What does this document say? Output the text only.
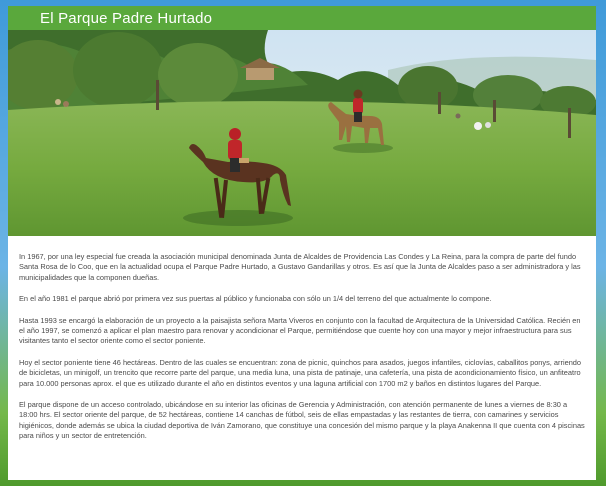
El Parque Padre Hurtado

In 1967, por una ley especial fue creada la asociación municipal denominada Junta de Alcaldes de Providencia Las Condes y La Reina, para la compra de parte del fundo Santa Rosa de lo Coo, que en la actualidad ocupa el Parque Padre Hurtado, a Gustavo Gandarillas y otros. Es así que la Junta de Alcaldes paso a ser administradora y las municipalidades que la componen dueñas.

En el año 1981 el parque abrió por primera vez sus puertas al público y funcionaba con sólo un 1/4 del terreno del que actualmente lo compone.

Hasta 1993 se encargó la elaboración de un proyecto a la paisajista señora Marta Viveros en conjunto con la facultad de Arquitectura de la Universidad Católica. Recién en el año 1997, se comenzó a aplicar el plan maestro para renovar y acondicionar el Parque, permitiéndose que cuente hoy con una mayor y mejor infraestructura para sus visitantes tanto el sector oriente como el sector poniente.

Hoy el sector poniente tiene 46 hectáreas. Dentro de las cuales se encuentran: zona de picnic, quinchos para asados, juegos infantiles, ciclovías, caballitos ponys, arriendo de bicicletas, un minigolf, un trencito que recorre parte del parque, una media luna, una pista de patinaje, una cafetería, una pista de acondicionamiento físico, un anfiteatro para 10.000 personas aprox. el que es utilizado durante el año en distintos eventos y una laguna artificial con 1700 m2 y baños en distintos lugares del Parque.

El parque dispone de un acceso controlado, ubicándose en su interior las oficinas de Gerencia y Administración, con atención permanente de lunes a viernes de 8:30 a 18:00 hrs. El sector oriente del parque, de 52 hectáreas, contiene 14 canchas de fútbol, seis de ellas empastadas y las restantes de tierra, con camarines y servicios higiénicos, donde además se ubica la ciudad deportiva de Iván Zamorano, que constituye una concesión del mismo parque y la playa Anakenna II que cuenta con 4 piscinas para niños y un sector de entretención.
